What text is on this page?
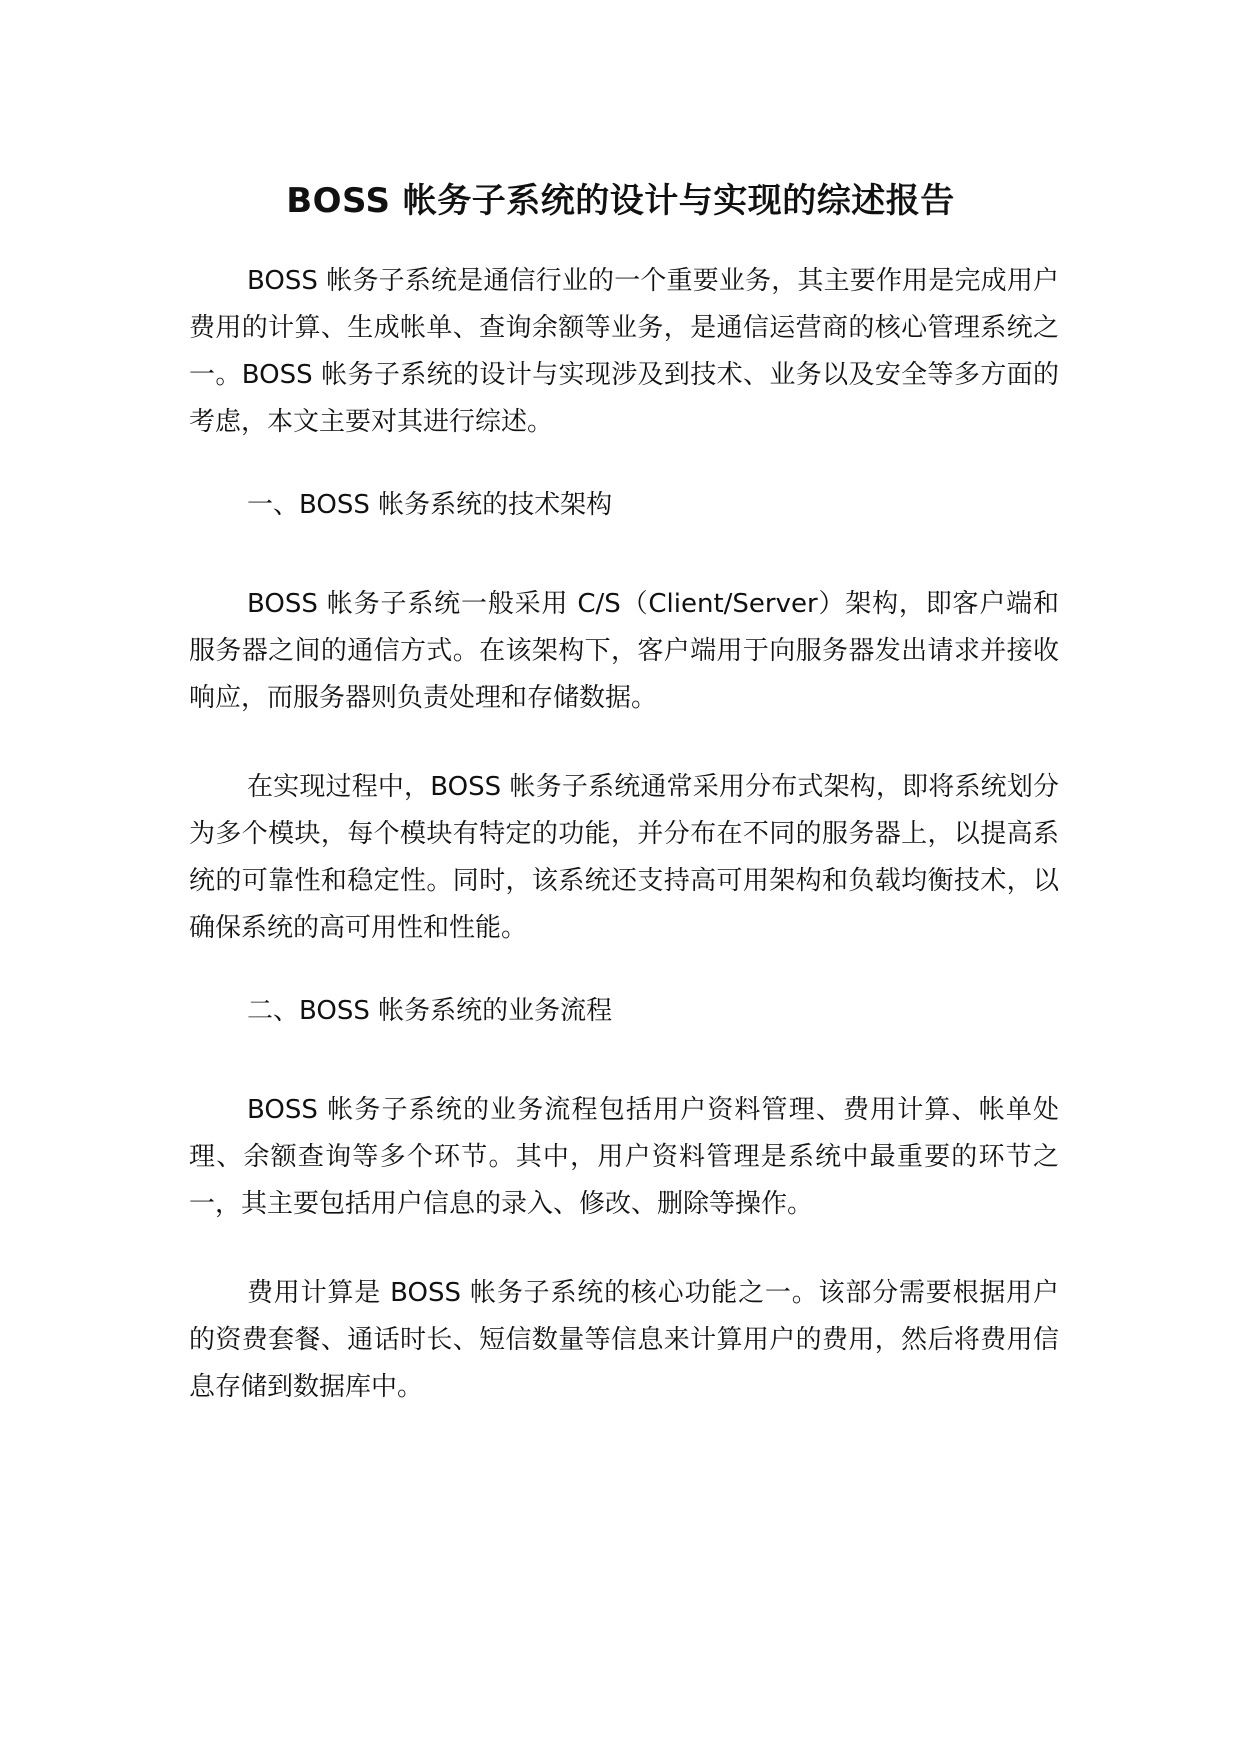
BOSS 帐务子系统的设计与实现的综述报告

BOSS 帐务子系统是通信行业的一个重要业务，其主要作用是完成用户费用的计算、生成帐单、查询余额等业务，是通信运营商的核心管理系统之一。BOSS 帐务子系统的设计与实现涉及到技术、业务以及安全等多方面的考虑，本文主要对其进行综述。

一、BOSS 帐务系统的技术架构

BOSS 帐务子系统一般采用 C/S（Client/Server）架构，即客户端和服务器之间的通信方式。在该架构下，客户端用于向服务器发出请求并接收响应，而服务器则负责处理和存储数据。

在实现过程中，BOSS 帐务子系统通常采用分布式架构，即将系统划分为多个模块，每个模块有特定的功能，并分布在不同的服务器上，以提高系统的可靠性和稳定性。同时，该系统还支持高可用架构和负载均衡技术，以确保系统的高可用性和性能。

二、BOSS 帐务系统的业务流程

BOSS 帐务子系统的业务流程包括用户资料管理、费用计算、帐单处理、余额查询等多个环节。其中，用户资料管理是系统中最重要的环节之一，其主要包括用户信息的录入、修改、删除等操作。

费用计算是 BOSS 帐务子系统的核心功能之一。该部分需要根据用户的资费套餐、通话时长、短信数量等信息来计算用户的费用，然后将费用信息存储到数据库中。
